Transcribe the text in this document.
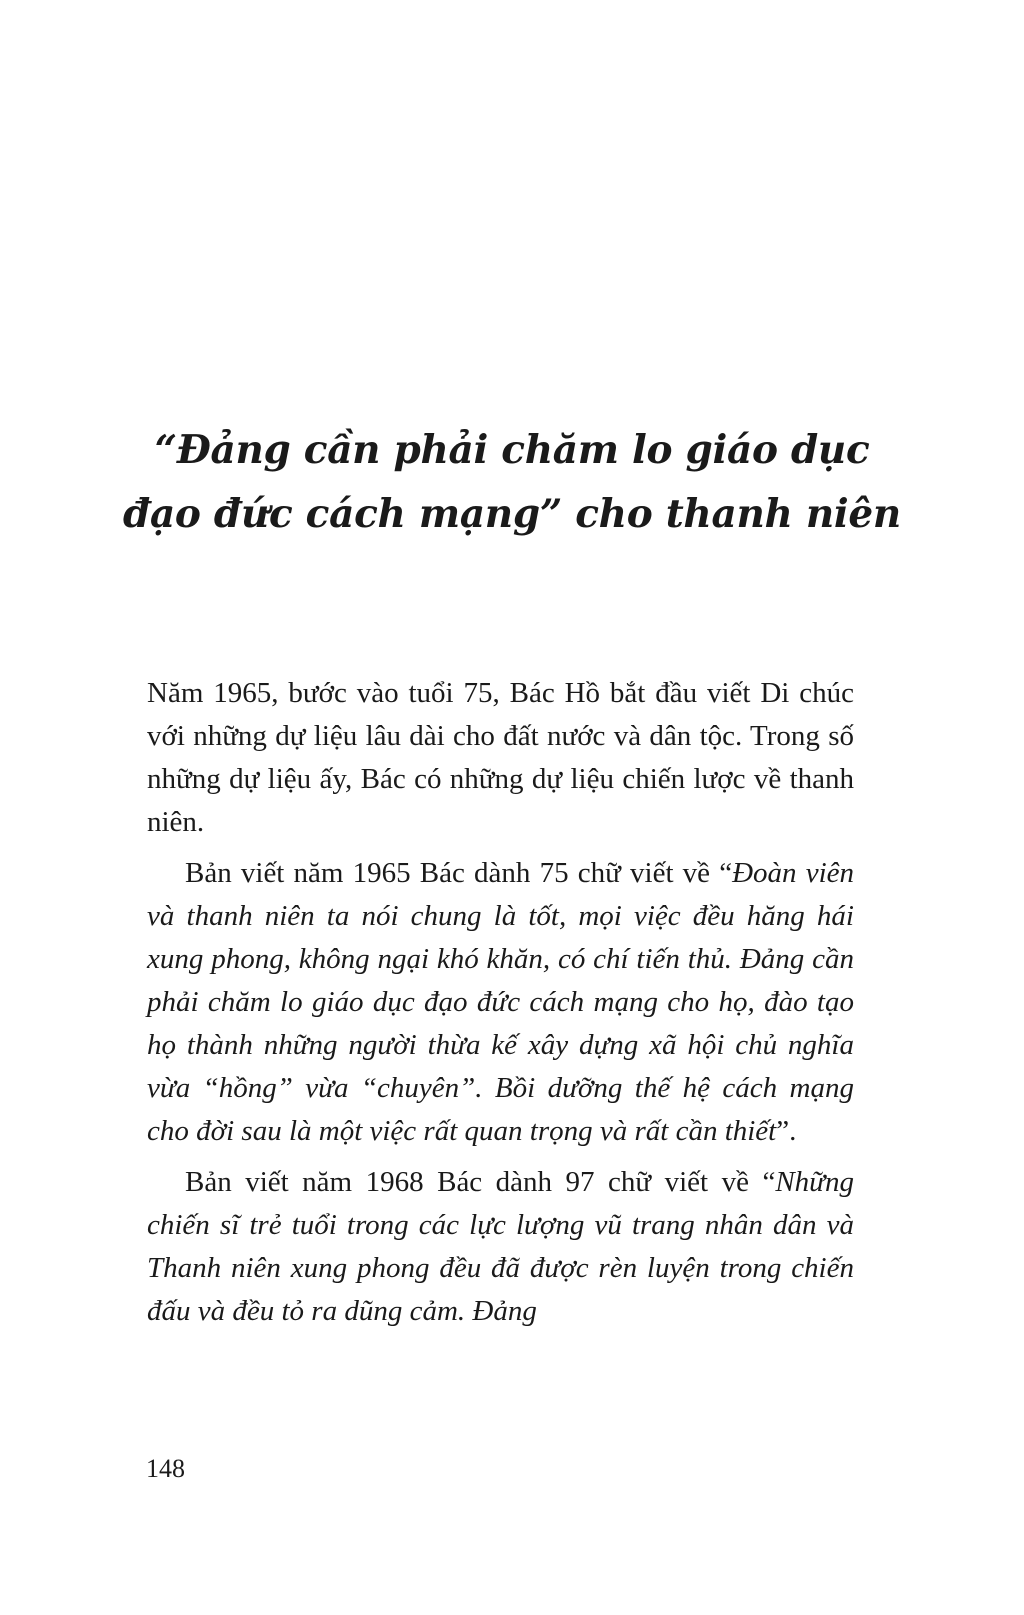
“Đảng cần phải chăm lo giáo dục
đạo đức cách mạng” cho thanh niên

Năm 1965, bước vào tuổi 75, Bác Hồ bắt đầu viết Di chúc với những dự liệu lâu dài cho đất nước và dân tộc. Trong số những dự liệu ấy, Bác có những dự liệu chiến lược về thanh niên.

Bản viết năm 1965 Bác dành 75 chữ viết về “Đoàn viên và thanh niên ta nói chung là tốt, mọi việc đều hăng hái xung phong, không ngại khó khăn, có chí tiến thủ. Đảng cần phải chăm lo giáo dục đạo đức cách mạng cho họ, đào tạo họ thành những người thừa kế xây dựng xã hội chủ nghĩa vừa “hồng” vừa “chuyên”. Bồi dưỡng thế hệ cách mạng cho đời sau là một việc rất quan trọng và rất cần thiết”.

Bản viết năm 1968 Bác dành 97 chữ viết về “Những chiến sĩ trẻ tuổi trong các lực lượng vũ trang nhân dân và Thanh niên xung phong đều đã được rèn luyện trong chiến đấu và đều tỏ ra dũng cảm. Đảng

148
